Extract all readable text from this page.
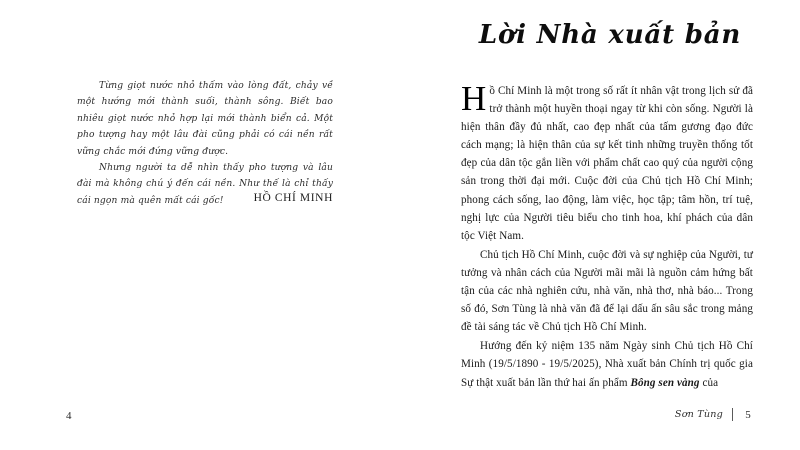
Từng giọt nước nhỏ thấm vào lòng đất, chảy về một hướng mới thành suối, thành sông. Biết bao nhiêu giọt nước nhỏ hợp lại mới thành biển cả. Một pho tượng hay một lâu đài cũng phải có cái nền rất vững chắc mới đứng vững được.

Nhưng người ta dễ nhìn thấy pho tượng và lâu đài mà không chú ý đến cái nền. Như thế là chỉ thấy cái ngọn mà quên mất cái gốc!	HỒ CHÍ MINH
4
Lời Nhà xuất bản

Hồ Chí Minh là một trong số rất ít nhân vật trong lịch sử đã trở thành một huyền thoại ngay từ khi còn sống. Người là hiện thân đầy đủ nhất, cao đẹp nhất của tấm gương đạo đức cách mạng; là hiện thân của sự kết tinh những truyền thống tốt đẹp của dân tộc gắn liền với phẩm chất cao quý của người cộng sản trong thời đại mới. Cuộc đời của Chủ tịch Hồ Chí Minh; phong cách sống, lao động, làm việc, học tập; tâm hồn, trí tuệ, nghị lực của Người tiêu biểu cho tinh hoa, khí phách của dân tộc Việt Nam.

Chủ tịch Hồ Chí Minh, cuộc đời và sự nghiệp của Người, tư tưởng và nhân cách của Người mãi mãi là nguồn cảm hứng bất tận của các nhà nghiên cứu, nhà văn, nhà thơ, nhà báo... Trong số đó, Sơn Tùng là nhà văn đã để lại dấu ấn sâu sắc trong mảng đề tài sáng tác về Chủ tịch Hồ Chí Minh.

Hướng đến kỷ niệm 135 năm Ngày sinh Chủ tịch Hồ Chí Minh (19/5/1890 - 19/5/2025), Nhà xuất bản Chính trị quốc gia Sự thật xuất bản lần thứ hai ấn phẩm Bông sen vàng của

Sơn Tùng 5
